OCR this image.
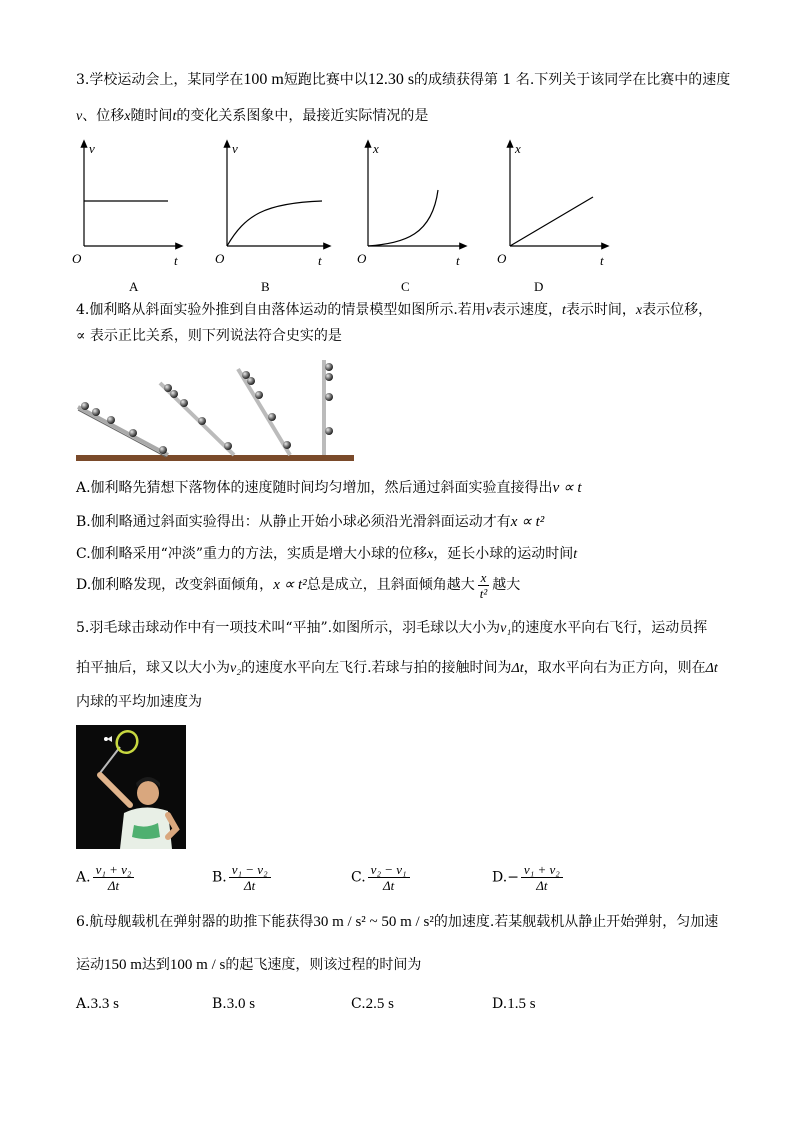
3.学校运动会上，某同学在100 m短跑比赛中以12.30 s的成绩获得第 1 名.下列关于该同学在比赛中的速度
v、位移x随时间t的变化关系图象中，最接近实际情况的是
v
t
O
A
v
t
O
B
x
t
O
C
x
t
O
D
4.伽利略从斜面实验外推到自由落体运动的情景模型如图所示.若用v表示速度，t表示时间，x表示位移，
∝ 表示正比关系，则下列说法符合史实的是
A.伽利略先猜想下落物体的速度随时间均匀增加，然后通过斜面实验直接得出v ∝ t
B.伽利略通过斜面实验得出：从静止开始小球必须沿光滑斜面运动才有x ∝ t²
C.伽利略采用“冲淡”重力的方法，实质是增大小球的位移x，延长小球的运动时间t
D.伽利略发现，改变斜面倾角，x ∝ t²总是成立，且斜面倾角越大 $\frac{x}{\text{t²}}$ 越大
5.羽毛球击球动作中有一项技术叫“平抽”.如图所示，羽毛球以大小为v₁的速度水平向右飞行，运动员挥
拍平抽后，球又以大小为v₂的速度水平向左飞行.若球与拍的接触时间为Δt，取水平向右为正方向，则在Δt
内球的平均加速度为
A. $\frac{\text{v₁ + v₂}}{\Delta t}$	B. $\frac{\text{v₁ − v₂}}{\Delta t}$	C. $\frac{\text{v₂ − v₁}}{\Delta t}$	$D.- \frac{\text{v₁ + v₂}}{\Delta t}$
6.航母舰载机在弹射器的助推下能获得30 m / s² ~ 50 m / s²的加速度.若某舰载机从静止开始弹射，匀加速
运动150 m达到100 m / s的起飞速度，则该过程的时间为
A.3.3 s	B.3.0 s	C.2.5 s	D.1.5 s
